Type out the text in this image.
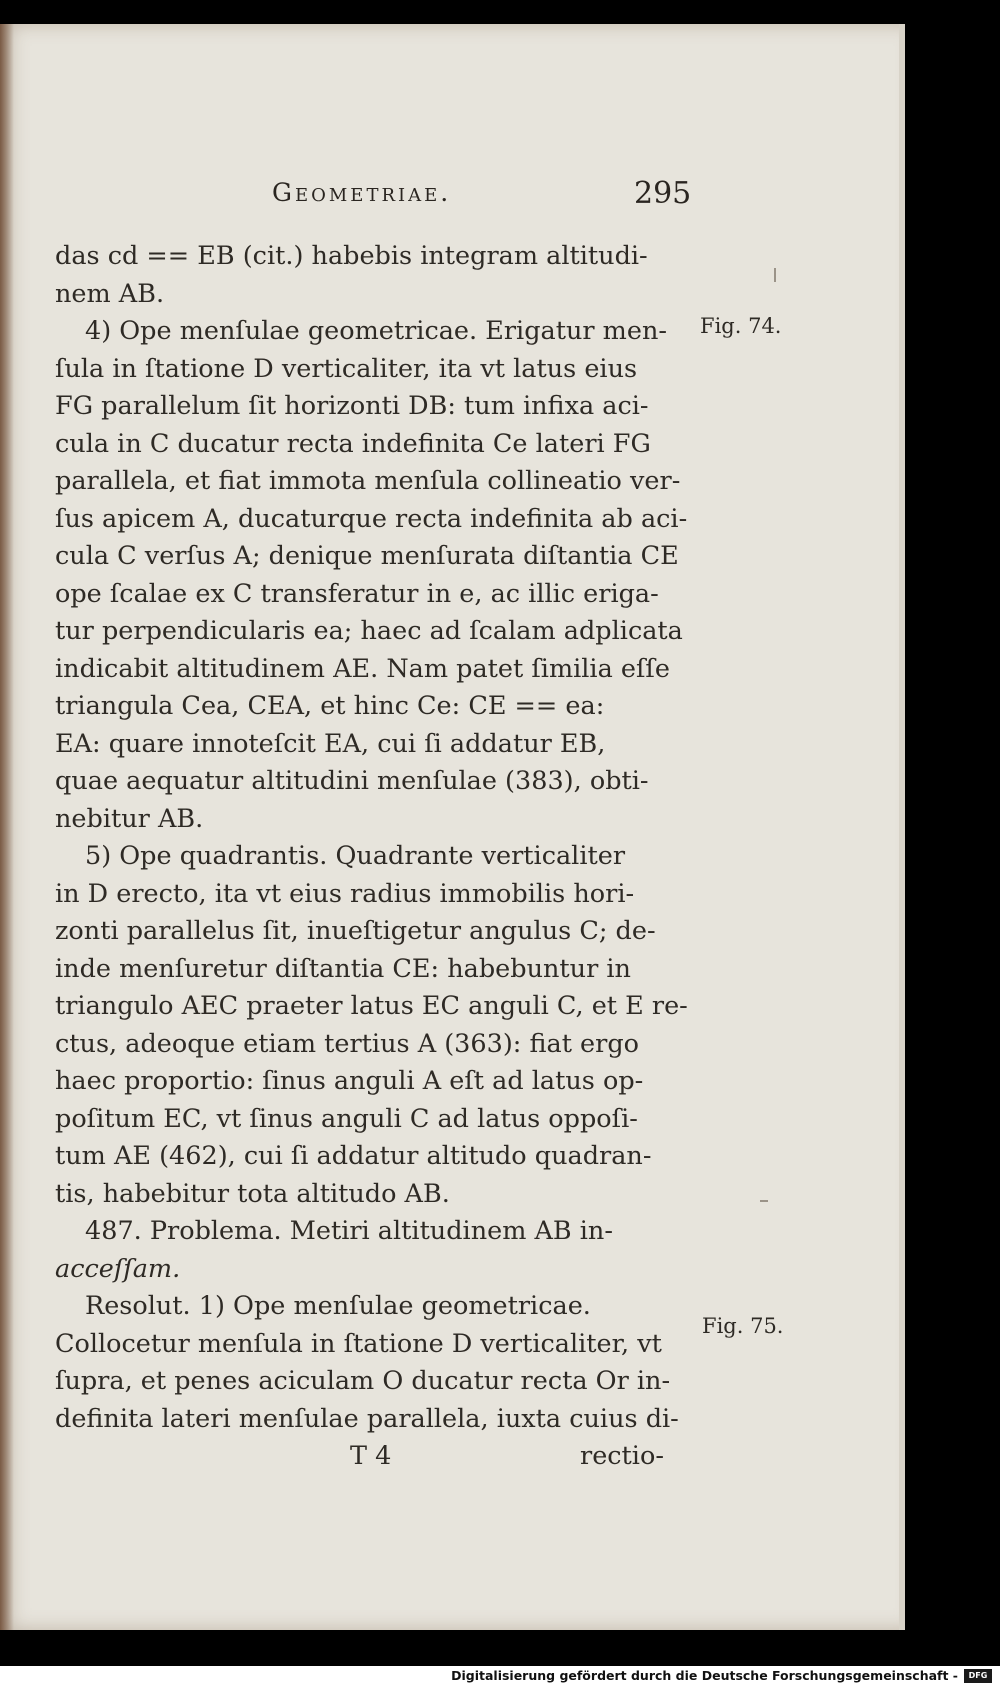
Geometriae.	295
das cd == EB (cit.) habebis integram altitudi-
nem AB.
4) Ope menſulae geometricae. Erigatur men-
ſula in ſtatione D verticaliter, ita vt latus eius
FG parallelum ſit horizonti DB: tum infixa aci-
cula in C ducatur recta indefinita Ce lateri FG
parallela, et fiat immota menſula collineatio ver-
ſus apicem A, ducaturque recta indefinita ab aci-
cula C verſus A; denique menſurata diſtantia CE
ope ſcalae ex C transferatur in e, ac illic eriga-
tur perpendicularis ea; haec ad ſcalam adplicata
indicabit altitudinem AE. Nam patet ſimilia eſſe
triangula Cea, CEA, et hinc Ce: CE == ea:
EA: quare innoteſcit EA, cui ſi addatur EB,
quae aequatur altitudini menſulae (383), obti-
nebitur AB.
5) Ope quadrantis. Quadrante verticaliter
in D erecto, ita vt eius radius immobilis hori-
zonti parallelus ſit, inueſtigetur angulus C; de-
inde menſuretur diſtantia CE: habebuntur in
triangulo AEC praeter latus EC anguli C, et E re-
ctus, adeoque etiam tertius A (363): fiat ergo
haec proportio: ſinus anguli A eſt ad latus op-
poſitum EC, vt ſinus anguli C ad latus oppoſi-
tum AE (462), cui ſi addatur altitudo quadran-
tis, habebitur tota altitudo AB.
487. Problema. Metiri altitudinem AB in-
acceſſam.
Resolut. 1) Ope menſulae geometricae.
Collocetur menſula in ſtatione D verticaliter, vt
ſupra, et penes aciculam O ducatur recta Or in-
definita lateri menſulae parallela, iuxta cuius di-
T 4	rectio-
Fig. 74.
Fig. 75.
Digitalisierung gefördert durch die Deutsche Forschungsgemeinschaft -	DFG
